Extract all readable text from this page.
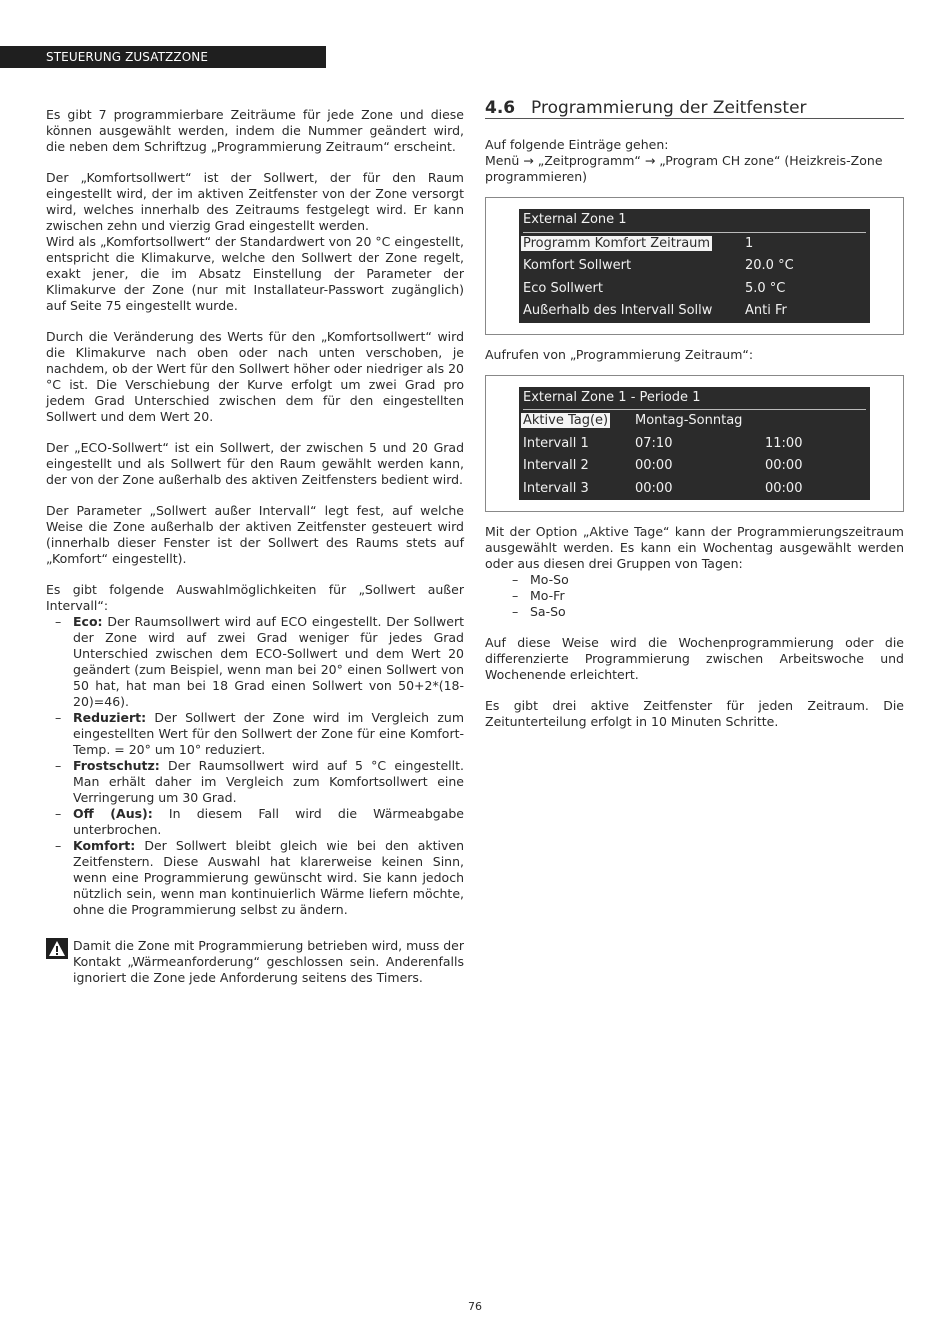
STEUERUNG ZUSATZZONE

Es gibt 7 programmierbare Zeiträume für jede Zone und diese können ausgewählt werden, indem die Nummer geändert wird, die neben dem Schriftzug „Programmierung Zeitraum“ erscheint.

Der „Komfortsollwert“ ist der Sollwert, der für den Raum eingestellt wird, der im aktiven Zeitfenster von der Zone versorgt wird, welches innerhalb des Zeitraums festgelegt wird. Er kann zwischen zehn und vierzig Grad eingestellt werden.

Wird als „Komfortsollwert“ der Standardwert von 20 °C eingestellt, entspricht die Klimakurve, welche den Sollwert der Zone regelt, exakt jener, die im Absatz Einstellung der Parameter der Klimakurve der Zone (nur mit Installateur-Passwort zugänglich) auf Seite 75 eingestellt wurde.

Durch die Veränderung des Werts für den „Komfortsollwert“ wird die Klimakurve nach oben oder nach unten verschoben, je nachdem, ob der Wert für den Sollwert höher oder niedriger als 20 °C ist. Die Verschiebung der Kurve erfolgt um zwei Grad pro jedem Grad Unterschied zwischen dem für den eingestellten Sollwert und dem Wert 20.

Der „ECO-Sollwert“ ist ein Sollwert, der zwischen 5 und 20 Grad eingestellt und als Sollwert für den Raum gewählt werden kann, der von der Zone außerhalb des aktiven Zeitfensters bedient wird.

Der Parameter „Sollwert außer Intervall“ legt fest, auf welche Weise die Zone außerhalb der aktiven Zeitfenster gesteuert wird (innerhalb dieser Fenster ist der Sollwert des Raums stets auf „Komfort“ eingestellt).

Es gibt folgende Auswahlmöglichkeiten für „Sollwert außer Intervall“:

– Eco: Der Raumsollwert wird auf ECO eingestellt. Der Sollwert der Zone wird auf zwei Grad weniger für jedes Grad Unterschied zwischen dem ECO-Sollwert und dem Wert 20 geändert (zum Beispiel, wenn man bei 20° einen Sollwert von 50 hat, hat man bei 18 Grad einen Sollwert von 50+2*(18-20)=46).
– Reduziert: Der Sollwert der Zone wird im Vergleich zum eingestellten Wert für den Sollwert der Zone für eine Komfort-Temp. = 20° um 10° reduziert.
– Frostschutz: Der Raumsollwert wird auf 5 °C eingestellt. Man erhält daher im Vergleich zum Komfortsollwert eine Verringerung um 30 Grad.
– Off (Aus): In diesem Fall wird die Wärmeabgabe unterbrochen.
– Komfort: Der Sollwert bleibt gleich wie bei den aktiven Zeitfenstern. Diese Auswahl hat klarerweise keinen Sinn, wenn eine Programmierung gewünscht wird. Sie kann jedoch nützlich sein, wenn man kontinuierlich Wärme liefern möchte, ohne die Programmierung selbst zu ändern.
Damit die Zone mit Programmierung betrieben wird, muss der Kontakt „Wärmeanforderung“ geschlossen sein. Anderenfalls ignoriert die Zone jede Anforderung seitens des Timers.
4.6 Programmierung der Zeitfenster

Auf folgende Einträge gehen:

Menü → „Zeitprogramm“ → „Program CH zone“ (Heizkreis-Zone programmieren)

External Zone 1
Programm Komfort Zeitraum	1
Komfort Sollwert	20.0 °C
Eco Sollwert	5.0 °C
Außerhalb des Intervall Sollw	Anti Fr

Aufrufen von „Programmierung Zeitraum“:

External Zone 1 - Periode 1
Aktive Tag(e)	Montag-Sonntag
Intervall 1	07:10	11:00
Intervall 2	00:00	00:00
Intervall 3	00:00	00:00

Mit der Option „Aktive Tage“ kann der Programmierungszeitraum ausgewählt werden. Es kann ein Wochentag ausgewählt werden oder aus diesen drei Gruppen von Tagen:

– Mo-So
– Mo-Fr
– Sa-So

Auf diese Weise wird die Wochenprogrammierung oder die differenzierte Programmierung zwischen Arbeitswoche und Wochenende erleichtert.

Es gibt drei aktive Zeitfenster für jeden Zeitraum. Die Zeitunterteilung erfolgt in 10 Minuten Schritte.

76
